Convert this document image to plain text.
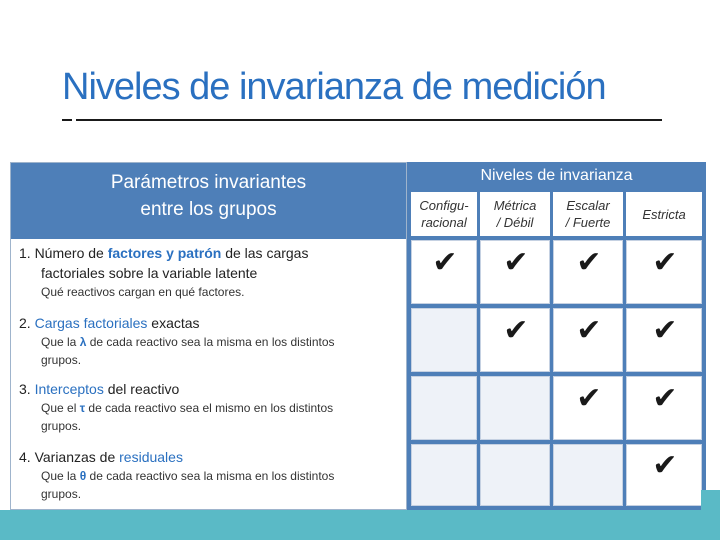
Niveles de invarianza de medición
Parámetros invariantes
entre los grupos
1. Número de factores y patrón de las cargas
factoriales sobre la variable latente
Qué reactivos cargan en qué factores.
2. Cargas factoriales exactas
Que la λ de cada reactivo sea la misma en los distintos
grupos.
3. Interceptos del reactivo
Que el τ de cada reactivo sea el mismo en los distintos
grupos.
4. Varianzas de residuales
Que la θ de cada reactivo sea la misma en los distintos
grupos.
Niveles de invarianza
Configu-
racional
Métrica
/ Débil
Escalar
/ Fuerte
Estricta
✔ ✔ ✔ ✔
✔ ✔ ✔
✔ ✔
✔
